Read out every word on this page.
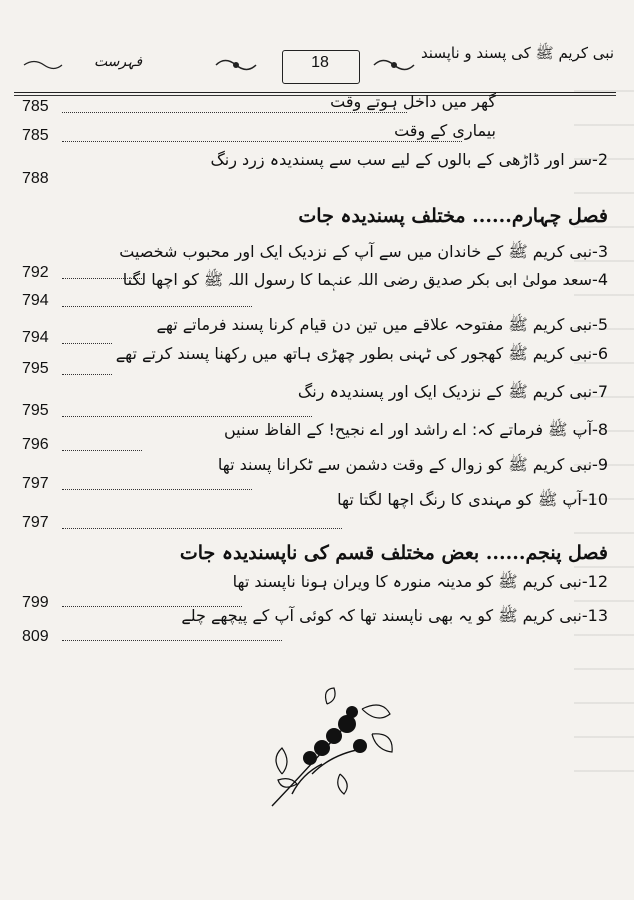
18
نبی کریم ﷺ کی پسند و ناپسند
فہرست
گھر میں داخل ہوتے وقت
785
بیماری کے وقت
785
2-سر اور ڈاڑھی کے بالوں کے لیے سب سے پسندیدہ زرد رنگ
788
فصل چہارم...... مختلف پسندیدہ جات
3-نبی کریم ﷺ کے خاندان میں سے آپ کے نزدیک ایک اور محبوب شخصیت
792	4-سعد مولیٰ ابی بکر صدیق رضی اللہ عنہما کا رسول اللہ ﷺ کو اچھا لگنا
794
5-نبی کریم ﷺ مفتوحہ علاقے میں تین دن قیام کرنا پسند فرماتے تھے
794
6-نبی کریم ﷺ کھجور کی ٹہنی بطور چھڑی ہاتھ میں رکھنا پسند کرتے تھے
795
7-نبی کریم ﷺ کے نزدیک ایک اور پسندیدہ رنگ
795
8-آپ ﷺ فرماتے کہ: اے راشد اور اے نجیح! کے الفاظ سنیں
796
9-نبی کریم ﷺ کو زوال کے وقت دشمن سے ٹکرانا پسند تھا
797
10-آپ ﷺ کو مہندی کا رنگ اچھا لگتا تھا
797
فصل پنجم...... بعض مختلف قسم کی ناپسندیدہ جات
12-نبی کریم ﷺ کو مدینہ منورہ کا ویران ہونا ناپسند تھا
799
13-نبی کریم ﷺ کو یہ بھی ناپسند تھا کہ کوئی آپ کے پیچھے چلے
809
